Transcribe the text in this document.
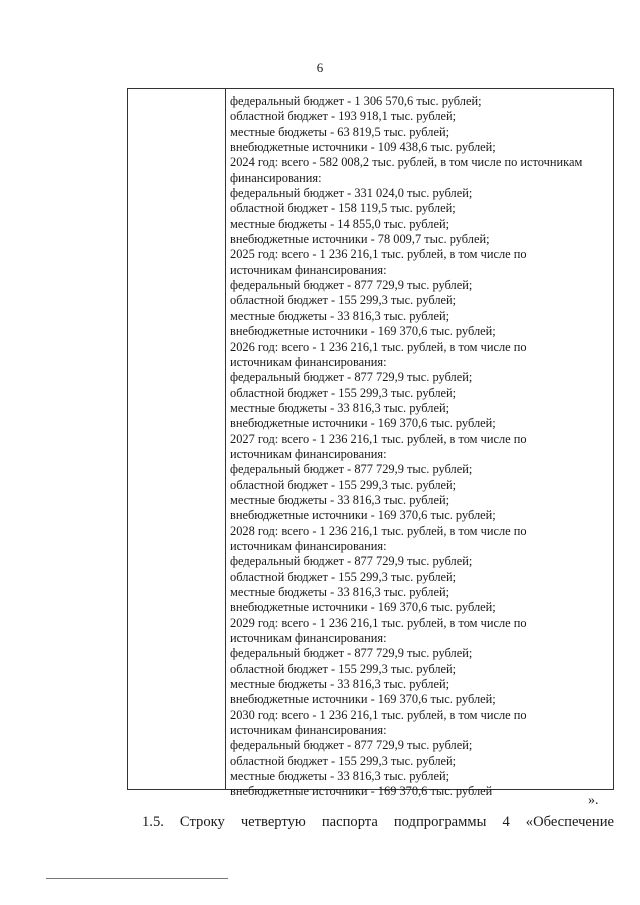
6
федеральный бюджет - 1 306 570,6 тыс. рублей;
областной бюджет - 193 918,1 тыс. рублей;
местные бюджеты - 63 819,5 тыс. рублей;
внебюджетные источники - 109 438,6 тыс. рублей;
2024 год: всего - 582 008,2 тыс. рублей, в том числе по источникам
финансирования:
федеральный бюджет - 331 024,0 тыс. рублей;
областной бюджет - 158 119,5 тыс. рублей;
местные бюджеты - 14 855,0 тыс. рублей;
внебюджетные источники - 78 009,7 тыс. рублей;
2025 год: всего - 1 236 216,1 тыс. рублей, в том числе по
источникам финансирования:
федеральный бюджет - 877 729,9 тыс. рублей;
областной бюджет - 155 299,3 тыс. рублей;
местные бюджеты - 33 816,3 тыс. рублей;
внебюджетные источники - 169 370,6 тыс. рублей;
2026 год: всего - 1 236 216,1 тыс. рублей, в том числе по
источникам финансирования:
федеральный бюджет - 877 729,9 тыс. рублей;
областной бюджет - 155 299,3 тыс. рублей;
местные бюджеты - 33 816,3 тыс. рублей;
внебюджетные источники - 169 370,6 тыс. рублей;
2027 год: всего - 1 236 216,1 тыс. рублей, в том числе по
источникам финансирования:
федеральный бюджет - 877 729,9 тыс. рублей;
областной бюджет - 155 299,3 тыс. рублей;
местные бюджеты - 33 816,3 тыс. рублей;
внебюджетные источники - 169 370,6 тыс. рублей;
2028 год: всего - 1 236 216,1 тыс. рублей, в том числе по
источникам финансирования:
федеральный бюджет - 877 729,9 тыс. рублей;
областной бюджет - 155 299,3 тыс. рублей;
местные бюджеты - 33 816,3 тыс. рублей;
внебюджетные источники - 169 370,6 тыс. рублей;
2029 год: всего - 1 236 216,1 тыс. рублей, в том числе по
источникам финансирования:
федеральный бюджет - 877 729,9 тыс. рублей;
областной бюджет - 155 299,3 тыс. рублей;
местные бюджеты - 33 816,3 тыс. рублей;
внебюджетные источники - 169 370,6 тыс. рублей;
2030 год: всего - 1 236 216,1 тыс. рублей, в том числе по
источникам финансирования:
федеральный бюджет - 877 729,9 тыс. рублей;
областной бюджет - 155 299,3 тыс. рублей;
местные бюджеты - 33 816,3 тыс. рублей;
внебюджетные источники - 169 370,6 тыс. рублей
».
1.5. Строку четвертую паспорта подпрограммы 4 «Обеспечение
